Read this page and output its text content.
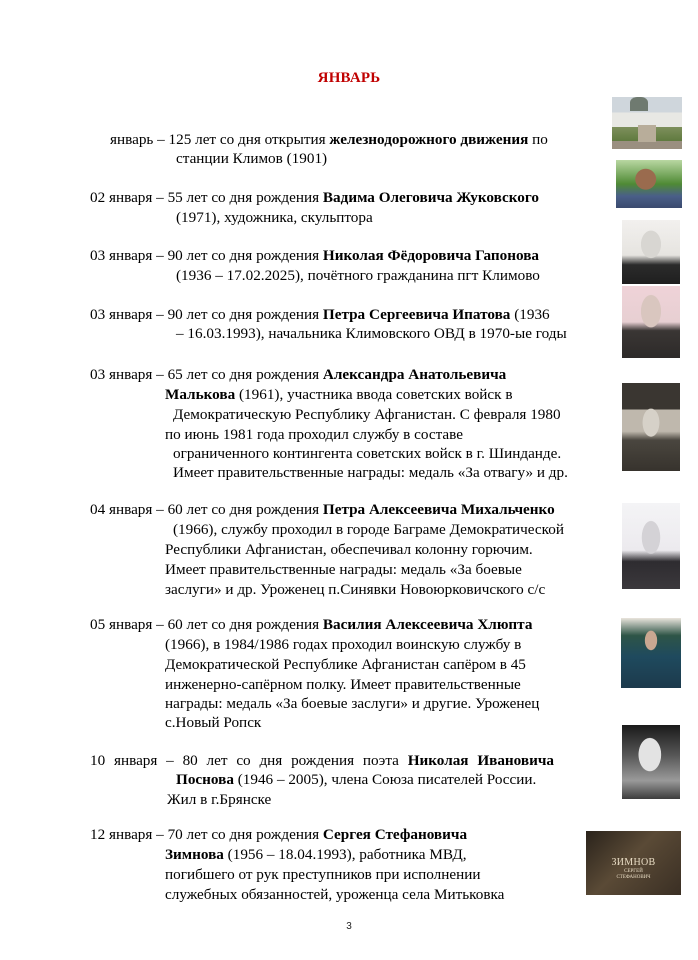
ЯНВАРЬ
январь – 125 лет со дня открытия железнодорожного движения по
станции Климов (1901)
02 января – 55 лет со дня рождения Вадима Олеговича Жуковского
(1971), художника, скульптора
03 января – 90 лет со дня рождения Николая Фёдоровича Гапонова
(1936 – 17.02.2025), почётного гражданина пгт Климово
03 января – 90 лет со дня рождения Петра Сергеевича Ипатова (1936
– 16.03.1993), начальника Климовского ОВД в 1970-ые годы
03 января – 65 лет со дня рождения Александра Анатольевича
Малькова (1961), участника ввода советских войск в
Демократическую Республику Афганистан. С февраля 1980
по июнь 1981 года проходил службу в составе
ограниченного контингента советских войск в г. Шинданде.
Имеет правительственные награды: медаль «За отвагу» и др.
04 января – 60 лет со дня рождения Петра Алексеевича Михальченко
(1966), службу проходил в городе Баграме Демократической
Республики Афганистан, обеспечивал колонну горючим.
Имеет правительственные награды: медаль «За боевые
заслуги» и др. Уроженец п.Синявки Новоюрковичского с/с
05 января – 60 лет со дня рождения Василия Алексеевича Хлюпта
(1966), в 1984/1986 годах проходил воинскую службу в
Демократической Республике Афганистан сапёром в 45
инженерно-сапёрном полку. Имеет правительственные
награды: медаль «За боевые заслуги» и другие. Уроженец
с.Новый Ропск
10 января – 80 лет со дня рождения поэта Николая Ивановича
Поснова (1946 – 2005), члена Союза писателей России.
Жил в г.Брянске
12 января – 70 лет со дня рождения Сергея Стефановича
Зимнова (1956 – 18.04.1993), работника МВД,
погибшего от рук преступников при исполнении
служебных обязанностей, уроженца села Митьковка
ЗИМНОВ
СЕРГЕЙ
СТЕФАНОВИЧ
3
